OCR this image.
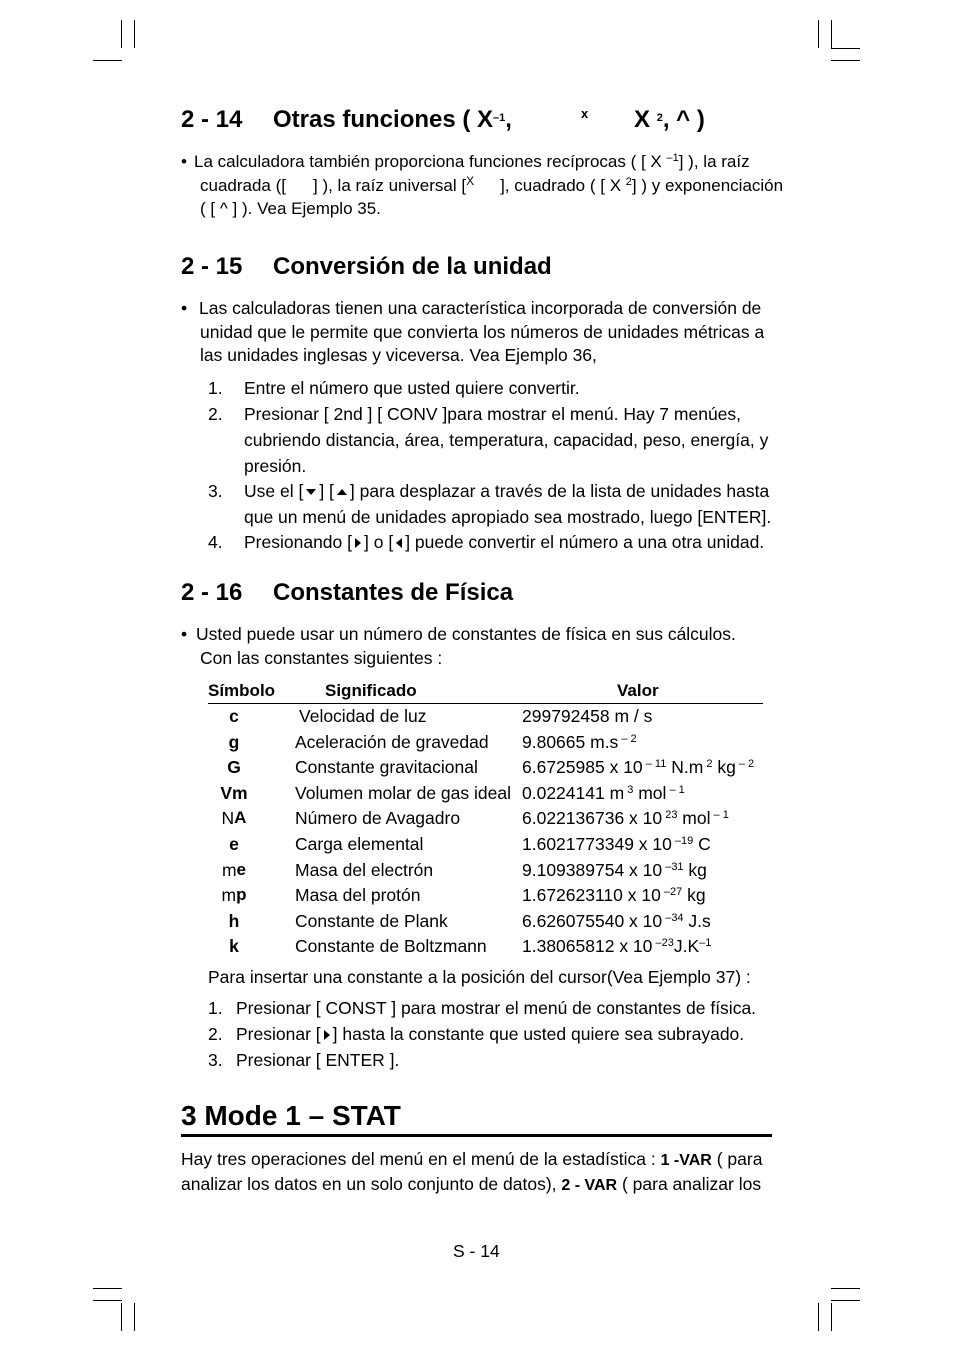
2 - 14 Otras funciones ( $X^{-1}$,	x X $^2$, ^ )
• La calculadora también proporciona funciones recíprocas ( [ X $^{-1}$] ), la raíz
cuadrada ([ ] ), la raíz universal [$^X$ ], cuadrado ( [ X $^2$] ) y exponenciación
( [ ^ ] ). Vea Ejemplo 35.
2 - 15 Conversión de la unidad
• Las calculadoras tienen una característica incorporada de conversión de
unidad que le permite que convierta los números de unidades métricas a
las unidades inglesas y viceversa. Vea Ejemplo 36,
1. Entre el número que usted quiere convertir.
2. Presionar [ 2nd ] [ CONV ]para mostrar el menú. Hay 7 menúes,
cubriendo distancia, área, temperatura, capacidad, peso, energía, y
presión.
3. Use el [ ] [ ] para desplazar a través de la lista de unidades hasta
que un menú de unidades apropiado sea mostrado, luego [ENTER].
4. Presionando [ ] o [ ] puede convertir el número a una otra unidad.
2 - 16 Constantes de Física
• Usted puede usar un número de constantes de física en sus cálculos.
Con las constantes siguientes :
Símbolo	Significado	Valor
c	Velocidad de luz	299792458 m / s
g	Aceleración de gravedad 9.80665 m.s $^{- 2}$
G	Constante gravitacional	6.6725985 x 10 $^{- 11}$ N.m $^2$ kg $^{- 2}$
Vm	Volumen molar de gas ideal 0.0224141 m $^3$ mol $^{- 1}$
NA	Número de Avagadro	6.022136736 x 10 $^{23}$ mol $^{- 1}$
e	Carga elemental	1.6021773349 x 10 $^{-19}$ C
me	Masa del electrón	9.109389754 x 10 $^{-31}$ kg
mp	Masa del protón	1.672623110 x 10 $^{-27}$ kg
h	Constante de Plank	6.626075540 x 10 $^{-34}$ J.s
k	Constante de Boltzmann 1.38065812 x 10 $^{-23}J.K^{-1}$
Para insertar una constante a la posición del cursor(Vea Ejemplo 37) :
1. Presionar [ CONST ] para mostrar el menú de constantes de física.
2. Presionar [ ] hasta la constante que usted quiere sea subrayado.
3. Presionar [ ENTER ].
3 Mode 1 – STAT
Hay tres operaciones del menú en el menú de la estadística : 1 -VAR ( para
analizar los datos en un solo conjunto de datos), 2 - VAR ( para analizar los
S - 14
